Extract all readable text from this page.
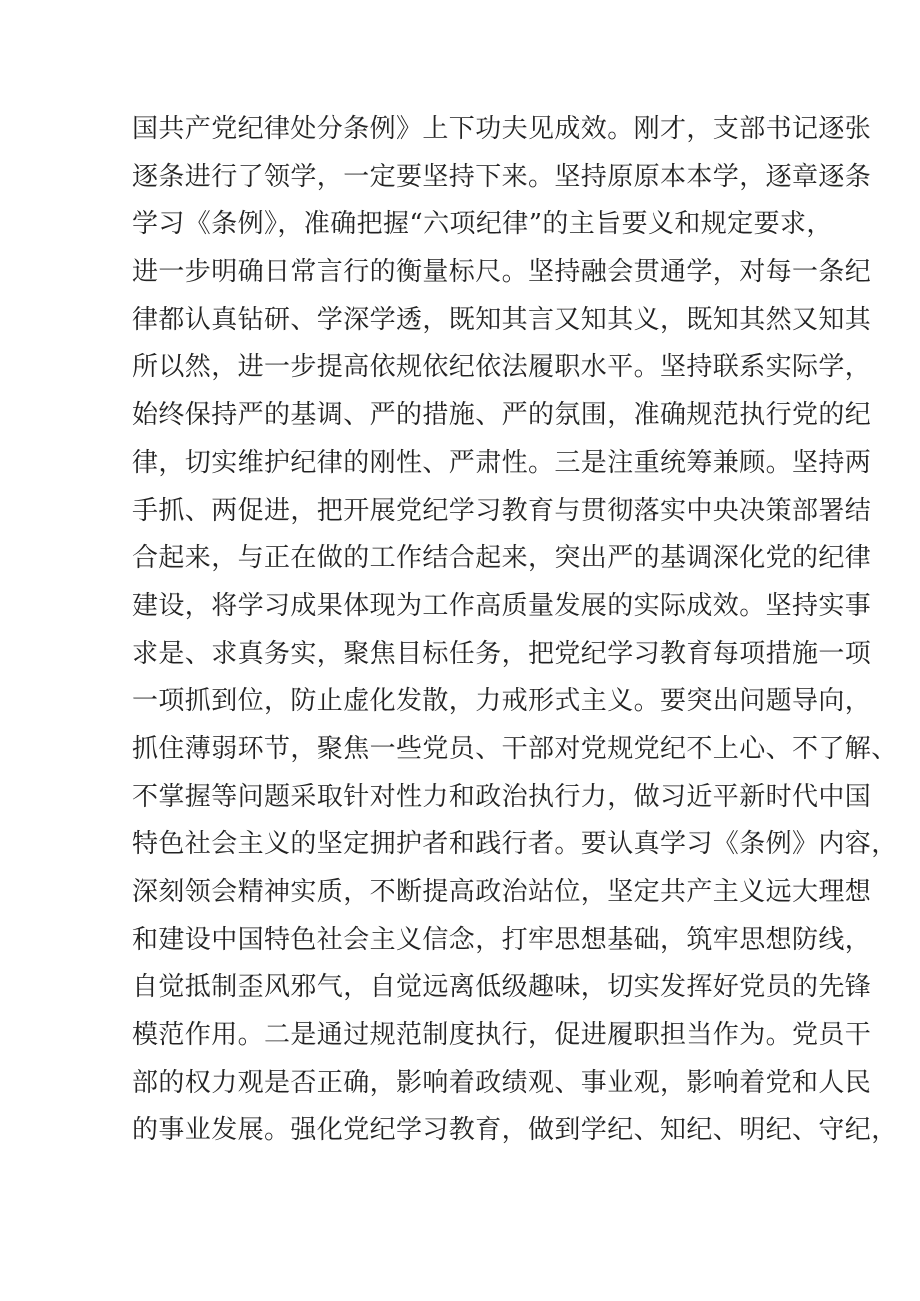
国共产党纪律处分条例》上下功夫见成效。刚才，支部书记逐张
逐条进行了领学，一定要坚持下来。坚持原原本本学，逐章逐条
学习《条例》，准确把握“六项纪律”的主旨要义和规定要求，
进一步明确日常言行的衡量标尺。坚持融会贯通学，对每一条纪
律都认真钻研、学深学透，既知其言又知其义，既知其然又知其
所以然，进一步提高依规依纪依法履职水平。坚持联系实际学，
始终保持严的基调、严的措施、严的氛围，准确规范执行党的纪
律，切实维护纪律的刚性、严肃性。三是注重统筹兼顾。坚持两
手抓、两促进，把开展党纪学习教育与贯彻落实中央决策部署结
合起来，与正在做的工作结合起来，突出严的基调深化党的纪律
建设，将学习成果体现为工作高质量发展的实际成效。坚持实事
求是、求真务实，聚焦目标任务，把党纪学习教育每项措施一项
一项抓到位，防止虚化发散，力戒形式主义。要突出问题导向，
抓住薄弱环节，聚焦一些党员、干部对党规党纪不上心、不了解、
不掌握等问题采取针对性力和政治执行力，做习近平新时代中国
特色社会主义的坚定拥护者和践行者。要认真学习《条例》内容，
深刻领会精神实质，不断提高政治站位，坚定共产主义远大理想
和建设中国特色社会主义信念，打牢思想基础，筑牢思想防线，
自觉抵制歪风邪气，自觉远离低级趣味，切实发挥好党员的先锋
模范作用。二是通过规范制度执行，促进履职担当作为。党员干
部的权力观是否正确，影响着政绩观、事业观，影响着党和人民
的事业发展。强化党纪学习教育，做到学纪、知纪、明纪、守纪，
